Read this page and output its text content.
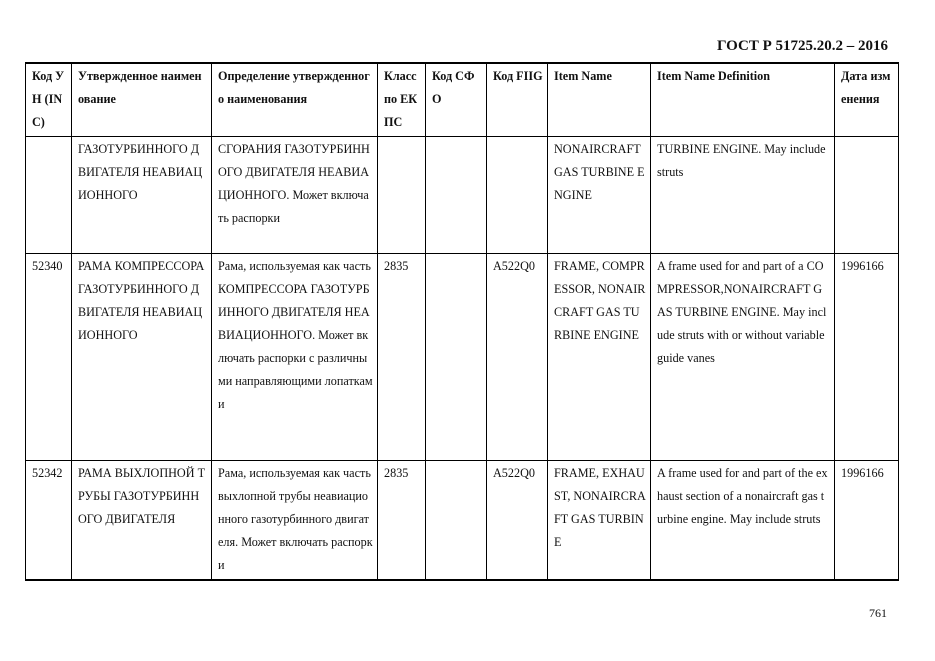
ГОСТ Р 51725.20.2 – 2016
Код УН (INC)	Утвержденное наименование	Определение утвержденного наименования	Класс по ЕКПС	Код СФО	Код FIIG	Item Name	Item Name Definition	Дата изменения
	ГАЗОТУРБИННОГО ДВИГАТЕЛЯ НЕАВИАЦИОННОГО	СГОРАНИЯ ГАЗОТУРБИННОГО ДВИГАТЕЛЯ НЕАВИАЦИОННОГО. Может включать распорки				NONAIRCRAFT GAS TURBINE ENGINE	TURBINE ENGINE. May include struts	
52340	РАМА КОМПРЕССОРА ГАЗОТУРБИННОГО ДВИГАТЕЛЯ НЕАВИАЦИОННОГО	Рама, используемая как часть КОМПРЕССОРА ГАЗОТУРБИННОГО ДВИГАТЕЛЯ НЕАВИАЦИОННОГО. Может включать распорки с различными направляющими лопатками	2835		A522Q0	FRAME, COMPRESSOR, NONAIRCRAFT GAS TURBINE ENGINE	A frame used for and part of a COMPRESSOR,NONAIRCRAFT GAS TURBINE ENGINE. May include struts with or without variable guide vanes	1996166
52342	РАМА ВЫХЛОПНОЙ ТРУБЫ ГАЗОТУРБИННОГО ДВИГАТЕЛЯ	Рама, используемая как часть выхлопной трубы неавиационного газотурбинного двигателя. Может включать распорки	2835		A522Q0	FRAME, EXHAUST, NONAIRCRAFT GAS TURBINE	A frame used for and part of the exhaust section of a nonaircraft gas turbine engine. May include struts	1996166
761
